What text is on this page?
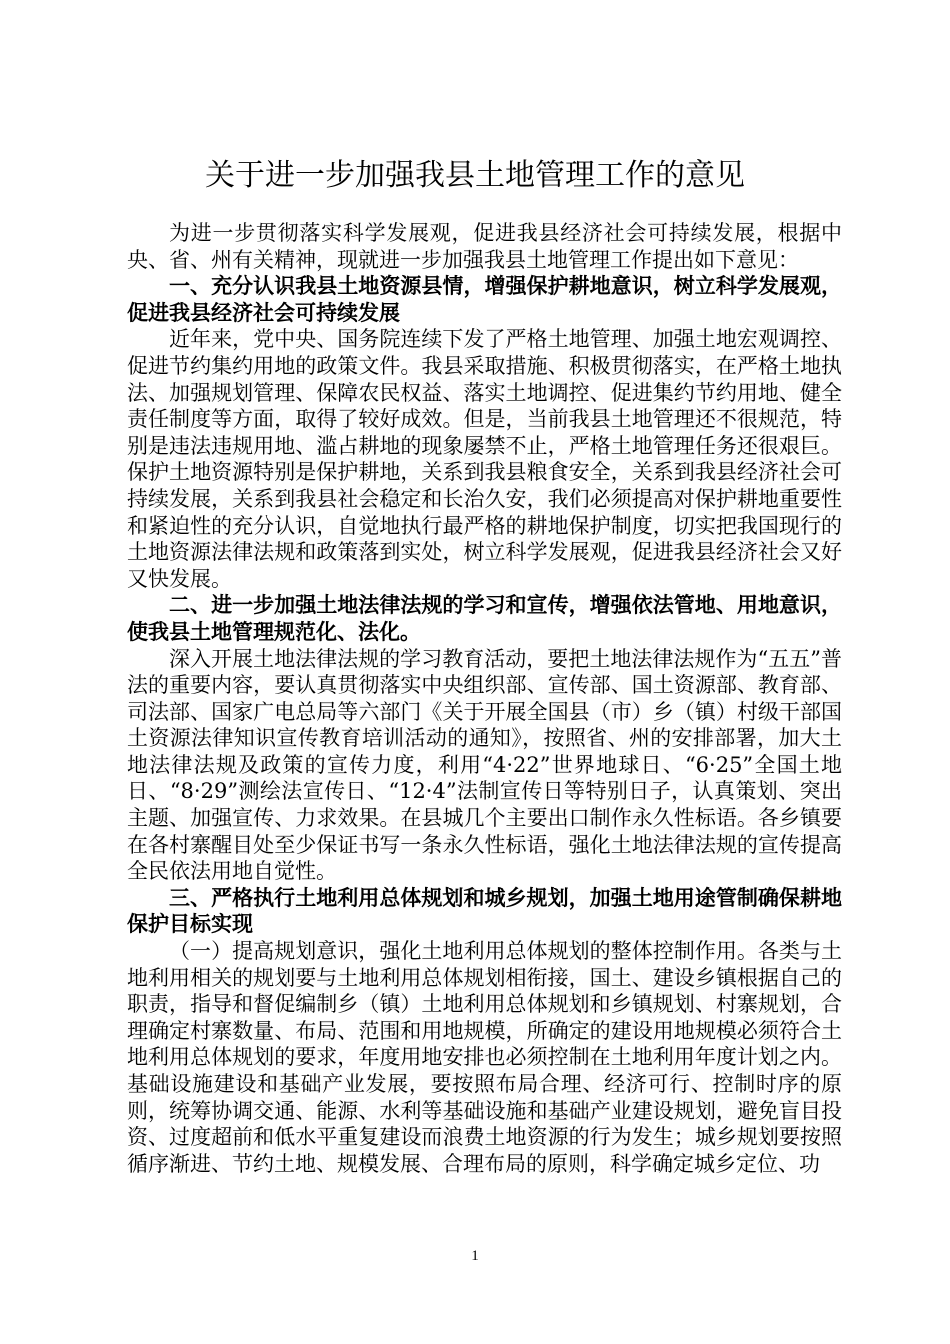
关于进一步加强我县土地管理工作的意见

为进一步贯彻落实科学发展观，促进我县经济社会可持续发展，根据中央、省、州有关精神，现就进一步加强我县土地管理工作提出如下意见：

一、充分认识我县土地资源县情，增强保护耕地意识，树立科学发展观，促进我县经济社会可持续发展

近年来，党中央、国务院连续下发了严格土地管理、加强土地宏观调控、促进节约集约用地的政策文件。我县采取措施、积极贯彻落实，在严格土地执法、加强规划管理、保障农民权益、落实土地调控、促进集约节约用地、健全责任制度等方面，取得了较好成效。但是，当前我县土地管理还不很规范，特别是违法违规用地、滥占耕地的现象屡禁不止，严格土地管理任务还很艰巨。保护土地资源特别是保护耕地，关系到我县粮食安全，关系到我县经济社会可持续发展，关系到我县社会稳定和长治久安，我们必须提高对保护耕地重要性和紧迫性的充分认识，自觉地执行最严格的耕地保护制度，切实把我国现行的土地资源法律法规和政策落到实处，树立科学发展观，促进我县经济社会又好又快发展。

二、进一步加强土地法律法规的学习和宣传，增强依法管地、用地意识，使我县土地管理规范化、法化。

深入开展土地法律法规的学习教育活动，要把土地法律法规作为“五五”普法的重要内容，要认真贯彻落实中央组织部、宣传部、国土资源部、教育部、司法部、国家广电总局等六部门《关于开展全国县（市）乡（镇）村级干部国土资源法律知识宣传教育培训活动的通知》，按照省、州的安排部署，加大土地法律法规及政策的宣传力度，利用“4·22”世界地球日、“6·25”全国土地日、“8·29”测绘法宣传日、“12·4”法制宣传日等特别日子，认真策划、突出主题、加强宣传、力求效果。在县城几个主要出口制作永久性标语。各乡镇要在各村寨醒目处至少保证书写一条永久性标语，强化土地法律法规的宣传提高全民依法用地自觉性。

三、严格执行土地利用总体规划和城乡规划，加强土地用途管制确保耕地保护目标实现

（一）提高规划意识，强化土地利用总体规划的整体控制作用。各类与土地利用相关的规划要与土地利用总体规划相衔接，国土、建设乡镇根据自己的职责，指导和督促编制乡（镇）土地利用总体规划和乡镇规划、村寨规划，合理确定村寨数量、布局、范围和用地规模，所确定的建设用地规模必须符合土地利用总体规划的要求，年度用地安排也必须控制在土地利用年度计划之内。基础设施建设和基础产业发展，要按照布局合理、经济可行、控制时序的原则，统筹协调交通、能源、水利等基础设施和基础产业建设规划，避免盲目投资、过度超前和低水平重复建设而浪费土地资源的行为发生；城乡规划要按照循序渐进、节约土地、规模发展、合理布局的原则，科学确定城乡定位、功

1
